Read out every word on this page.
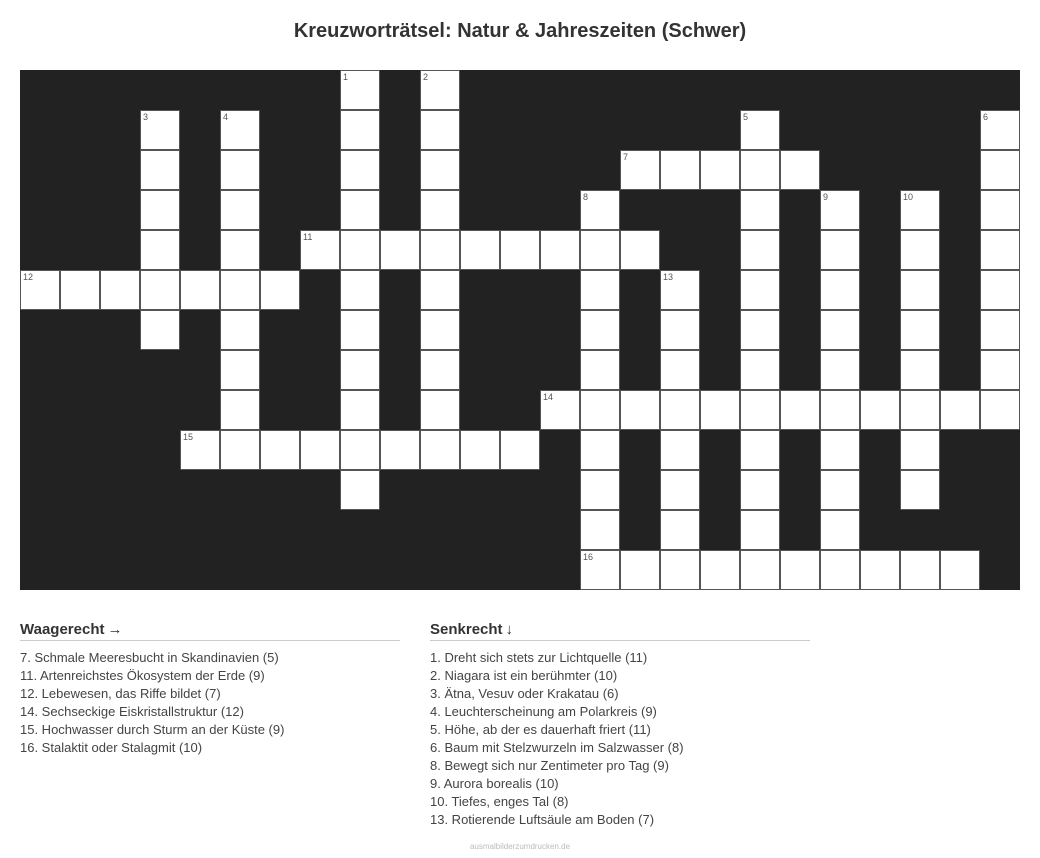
Kreuzworträtsel: Natur & Jahreszeiten (Schwer)
1	2
3	4	5	6
7
8	9	10
11
12	13
14
15
16
Waagerecht →
7. Schmale Meeresbucht in Skandinavien (5)
11. Artenreichstes Ökosystem der Erde (9)
12. Lebewesen, das Riffe bildet (7)
14. Sechseckige Eiskristallstruktur (12)
15. Hochwasser durch Sturm an der Küste (9)
16. Stalaktit oder Stalagmit (10)
Senkrecht ↓
1. Dreht sich stets zur Lichtquelle (11)
2. Niagara ist ein berühmter (10)
3. Ätna, Vesuv oder Krakatau (6)
4. Leuchterscheinung am Polarkreis (9)
5. Höhe, ab der es dauerhaft friert (11)
6. Baum mit Stelzwurzeln im Salzwasser (8)
8. Bewegt sich nur Zentimeter pro Tag (9)
9. Aurora borealis (10)
10. Tiefes, enges Tal (8)
13. Rotierende Luftsäule am Boden (7)
ausmalbilderzumdrucken.de
